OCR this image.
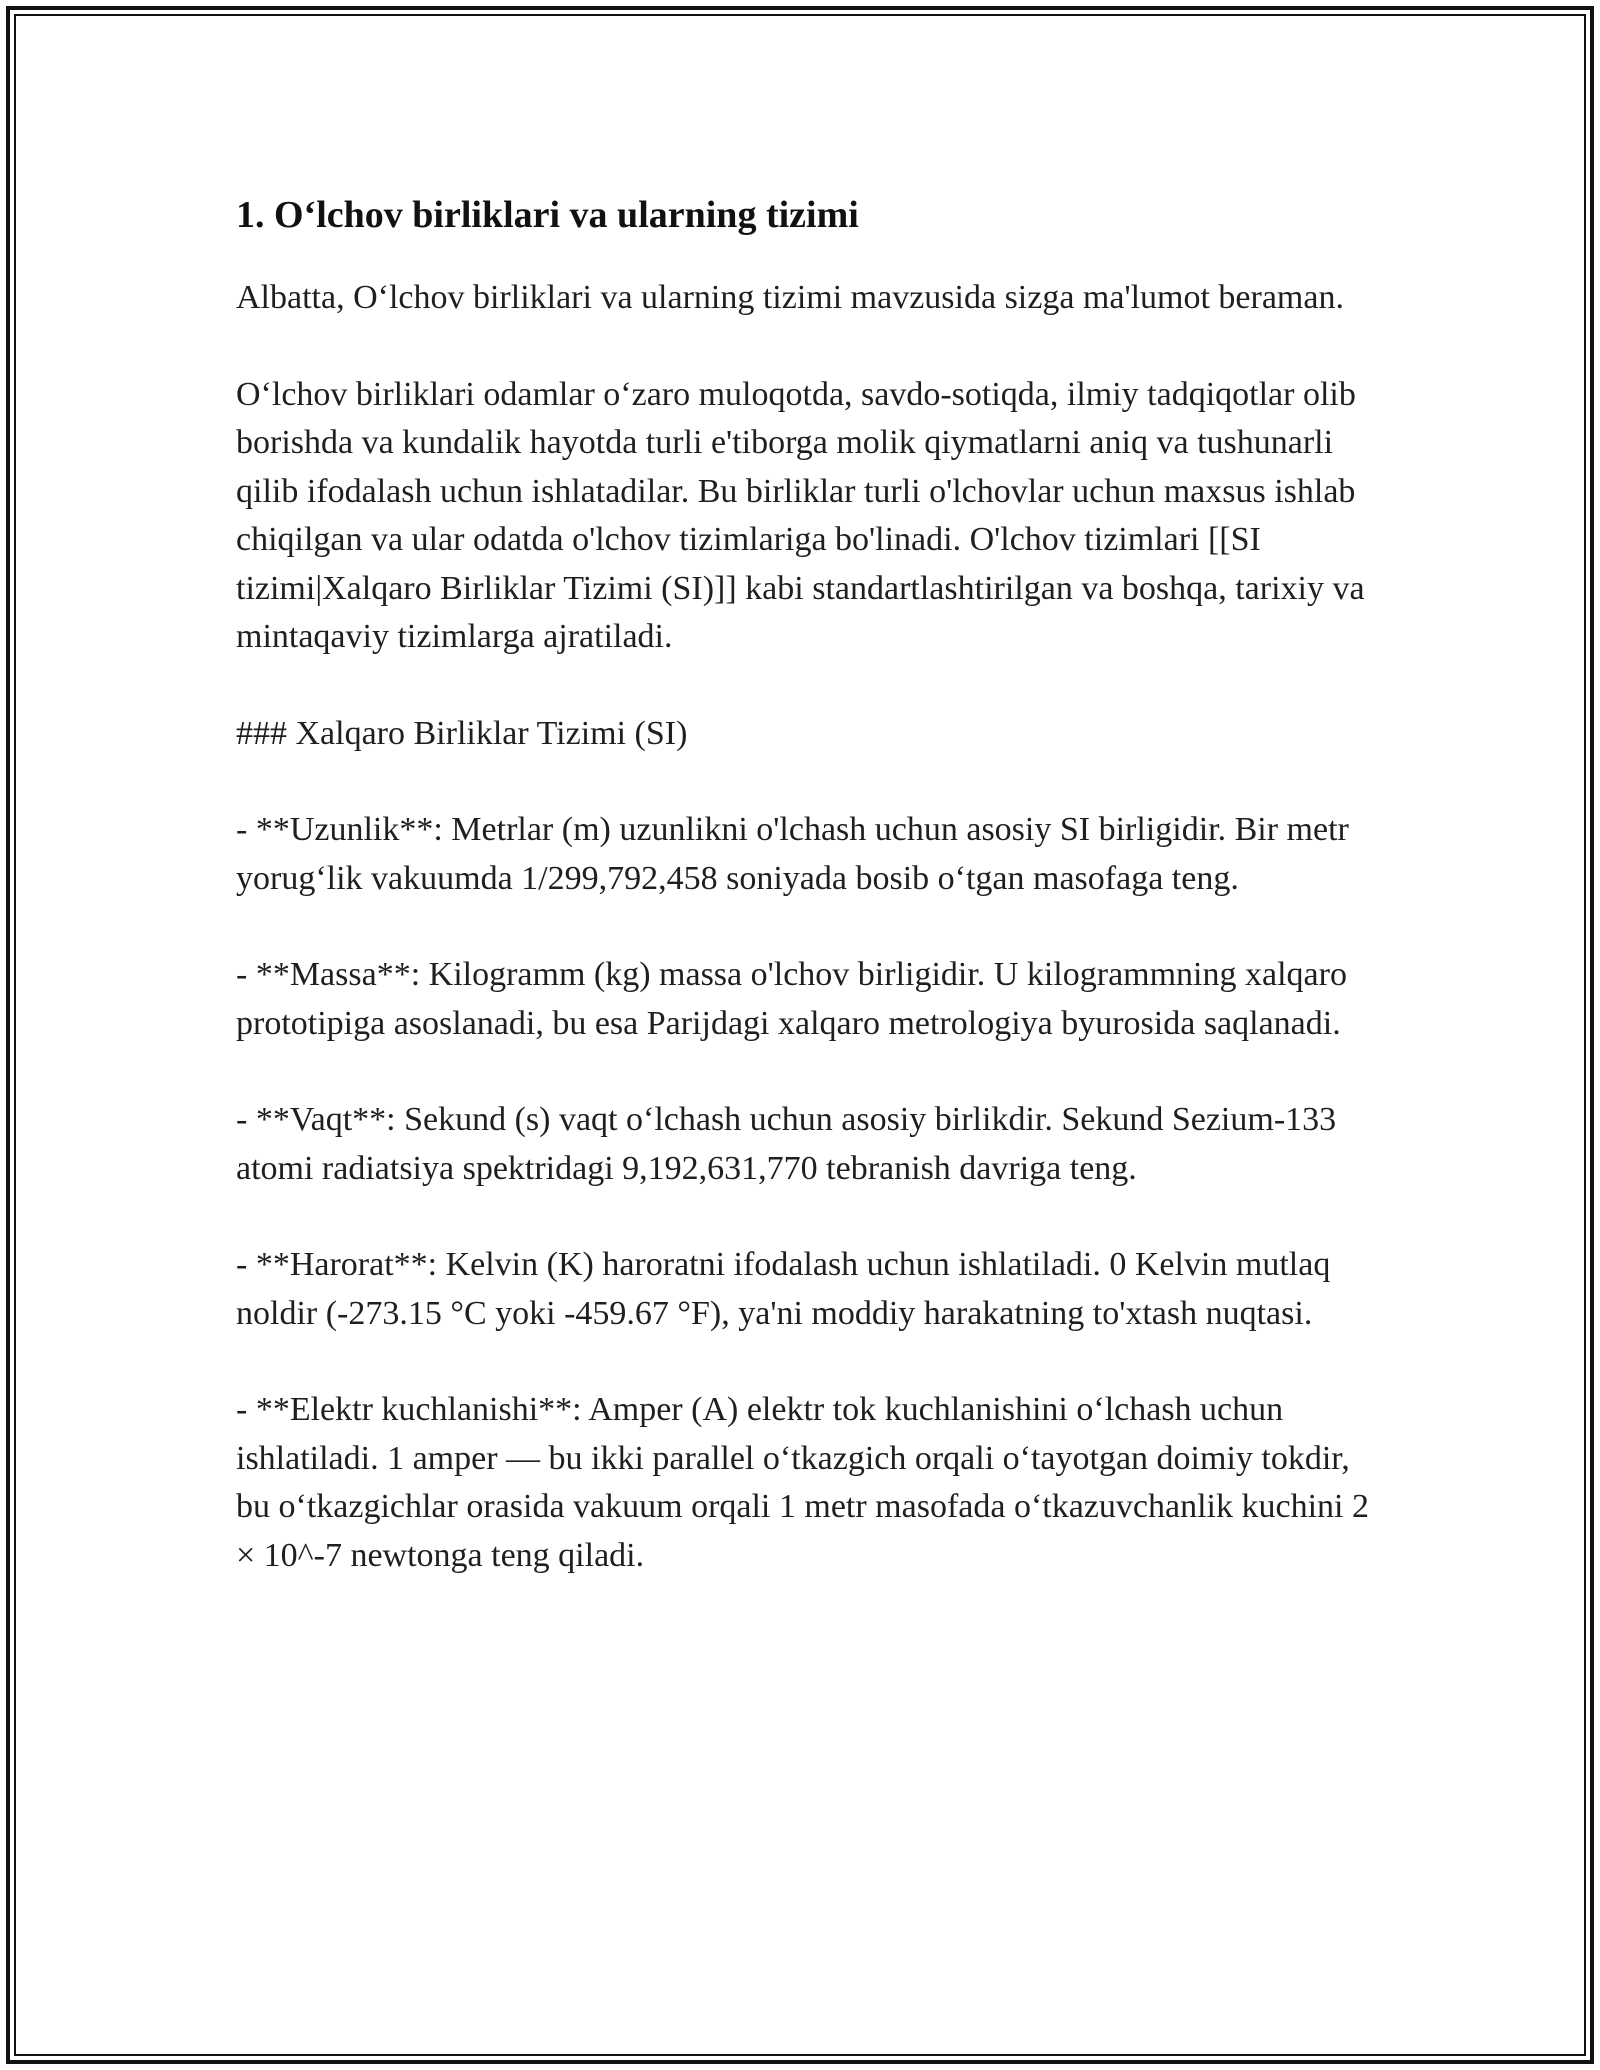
1. O‘lchov birliklari va ularning tizimi

Albatta, O‘lchov birliklari va ularning tizimi mavzusida sizga ma'lumot beraman.

O‘lchov birliklari odamlar o‘zaro muloqotda, savdo-sotiqda, ilmiy tadqiqotlar olib borishda va kundalik hayotda turli e'tiborga molik qiymatlarni aniq va tushunarli qilib ifodalash uchun ishlatadilar. Bu birliklar turli o'lchovlar uchun maxsus ishlab chiqilgan va ular odatda o'lchov tizimlariga bo'linadi. O'lchov tizimlari [[SI tizimi|Xalqaro Birliklar Tizimi (SI)]] kabi standartlashtirilgan va boshqa, tarixiy va mintaqaviy tizimlarga ajratiladi.

### Xalqaro Birliklar Tizimi (SI)

- **Uzunlik**: Metrlar (m) uzunlikni o'lchash uchun asosiy SI birligidir. Bir metr yorug‘lik vakuumda 1/299,792,458 soniyada bosib o‘tgan masofaga teng.

- **Massa**: Kilogramm (kg) massa o'lchov birligidir. U kilogrammning xalqaro prototipiga asoslanadi, bu esa Parijdagi xalqaro metrologiya byurosida saqlanadi.

- **Vaqt**: Sekund (s) vaqt o‘lchash uchun asosiy birlikdir. Sekund Sezium-133 atomi radiatsiya spektridagi 9,192,631,770 tebranish davriga teng.

- **Harorat**: Kelvin (K) haroratni ifodalash uchun ishlatiladi. 0 Kelvin mutlaq noldir (-273.15 °C yoki -459.67 °F), ya'ni moddiy harakatning to'xtash nuqtasi.

- **Elektr kuchlanishi**: Amper (A) elektr tok kuchlanishini o‘lchash uchun ishlatiladi. 1 amper — bu ikki parallel o‘tkazgich orqali o‘tayotgan doimiy tokdir, bu o‘tkazgichlar orasida vakuum orqali 1 metr masofada o‘tkazuvchanlik kuchini 2 × 10^-7 newtonga teng qiladi.
